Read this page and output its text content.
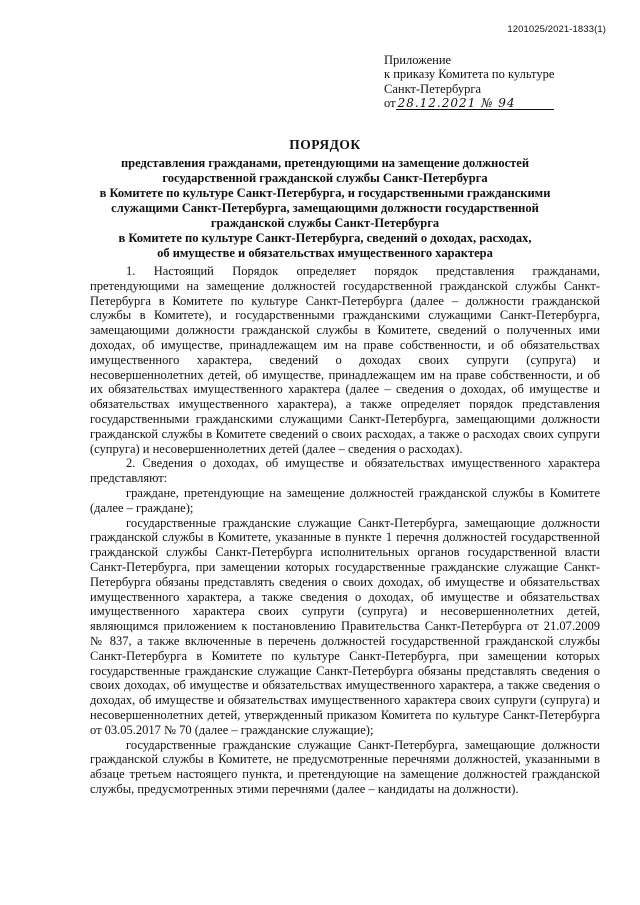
1201025/2021-1833(1)
Приложение
к приказу Комитета по культуре
Санкт-Петербурга
от 28.12.2021 № 94
ПОРЯДОК
представления гражданами, претендующими на замещение должностей
государственной гражданской службы Санкт-Петербурга
в Комитете по культуре Санкт-Петербурга, и государственными гражданскими
служащими Санкт-Петербурга, замещающими должности государственной
гражданской службы Санкт-Петербурга
в Комитете по культуре Санкт-Петербурга, сведений о доходах, расходах,
об имуществе и обязательствах имущественного характера

1. Настоящий Порядок определяет порядок представления гражданами, претендующими на замещение должностей государственной гражданской службы Санкт-Петербурга в Комитете по культуре Санкт-Петербурга (далее – должности гражданской службы в Комитете), и государственными гражданскими служащими Санкт-Петербурга, замещающими должности гражданской службы в Комитете, сведений о полученных ими доходах, об имуществе, принадлежащем им на праве собственности, и об обязательствах имущественного характера, сведений о доходах своих супруги (супруга) и несовершеннолетних детей, об имуществе, принадлежащем им на праве собственности, и об их обязательствах имущественного характера (далее – сведения о доходах, об имуществе и обязательствах имущественного характера), а также определяет порядок представления государственными гражданскими служащими Санкт-Петербурга, замещающими должности гражданской службы в Комитете сведений о своих расходах, а также о расходах своих супруги (супруга) и несовершеннолетних детей (далее – сведения о расходах).

2. Сведения о доходах, об имуществе и обязательствах имущественного характера представляют:

граждане, претендующие на замещение должностей гражданской службы в Комитете (далее – граждане);

государственные гражданские служащие Санкт-Петербурга, замещающие должности гражданской службы в Комитете, указанные в пункте 1 перечня должностей государственной гражданской службы Санкт-Петербурга исполнительных органов государственной власти Санкт-Петербурга, при замещении которых государственные гражданские служащие Санкт-Петербурга обязаны представлять сведения о своих доходах, об имуществе и обязательствах имущественного характера, а также сведения о доходах, об имуществе и обязательствах имущественного характера своих супруги (супруга) и несовершеннолетних детей, являющимся приложением к постановлению Правительства Санкт-Петербурга от 21.07.2009 № 837, а также включенные в перечень должностей государственной гражданской службы Санкт-Петербурга в Комитете по культуре Санкт-Петербурга, при замещении которых государственные гражданские служащие Санкт-Петербурга обязаны представлять сведения о своих доходах, об имуществе и обязательствах имущественного характера, а также сведения о доходах, об имуществе и обязательствах имущественного характера своих супруги (супруга) и несовершеннолетних детей, утвержденный приказом Комитета по культуре Санкт-Петербурга от 03.05.2017 № 70 (далее – гражданские служащие);

государственные гражданские служащие Санкт-Петербурга, замещающие должности гражданской службы в Комитете, не предусмотренные перечнями должностей, указанными в абзаце третьем настоящего пункта, и претендующие на замещение должностей гражданской службы, предусмотренных этими перечнями (далее – кандидаты на должности).
